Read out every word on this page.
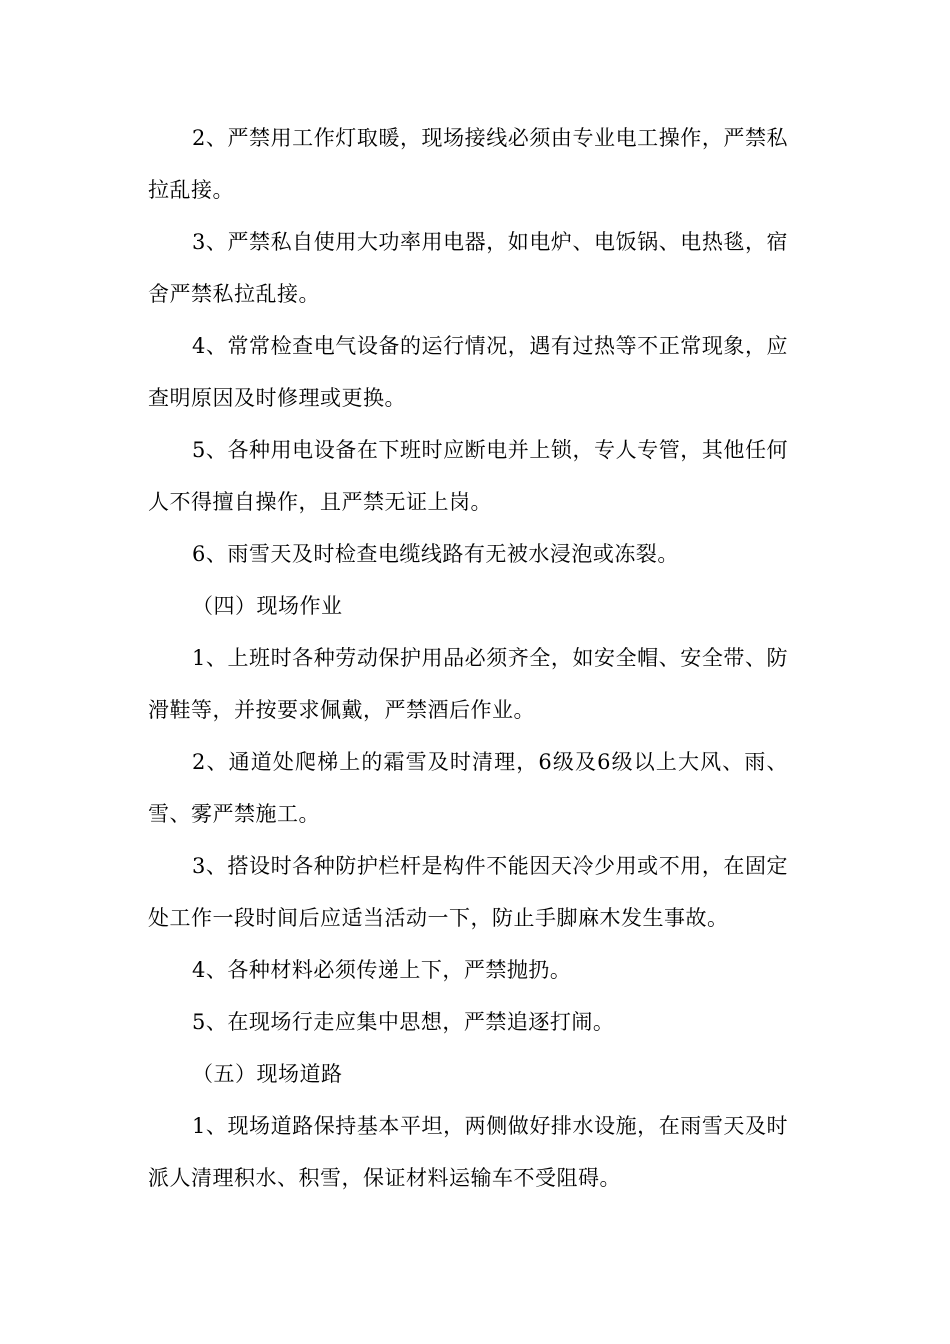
2、严禁用工作灯取暖，现场接线必须由专业电工操作，严禁私拉乱接。

3、严禁私自使用大功率用电器，如电炉、电饭锅、电热毯，宿舍严禁私拉乱接。

4、常常检查电气设备的运行情况，遇有过热等不正常现象，应查明原因及时修理或更换。

5、各种用电设备在下班时应断电并上锁，专人专管，其他任何人不得擅自操作，且严禁无证上岗。

6、雨雪天及时检查电缆线路有无被水浸泡或冻裂。

（四）现场作业

1、上班时各种劳动保护用品必须齐全，如安全帽、安全带、防滑鞋等，并按要求佩戴，严禁酒后作业。

2、通道处爬梯上的霜雪及时清理，6级及6级以上大风、雨、雪、雾严禁施工。

3、搭设时各种防护栏杆是构件不能因天冷少用或不用，在固定处工作一段时间后应适当活动一下，防止手脚麻木发生事故。

4、各种材料必须传递上下，严禁抛扔。

5、在现场行走应集中思想，严禁追逐打闹。

（五）现场道路

1、现场道路保持基本平坦，两侧做好排水设施，在雨雪天及时派人清理积水、积雪，保证材料运输车不受阻碍。
